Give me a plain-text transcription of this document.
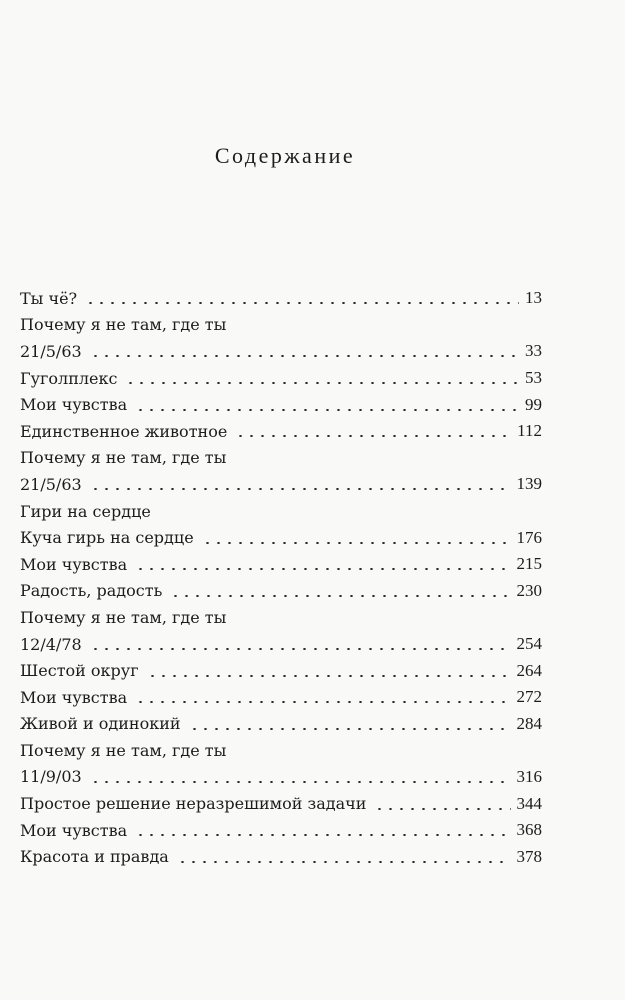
Содержание
Ты чё?	13
Почему я не там, где ты
21/5/63	33
Гуголплекс	53
Мои чувства	99
Единственное животное	112
Почему я не там, где ты
21/5/63	139
Гири на сердце
Куча гирь на сердце	176
Мои чувства	215
Радость, радость	230
Почему я не там, где ты
12/4/78	254
Шестой округ	264
Мои чувства	272
Живой и одинокий	284
Почему я не там, где ты
11/9/03	316
Простое решение неразрешимой задачи	344
Мои чувства	368
Красота и правда	378
